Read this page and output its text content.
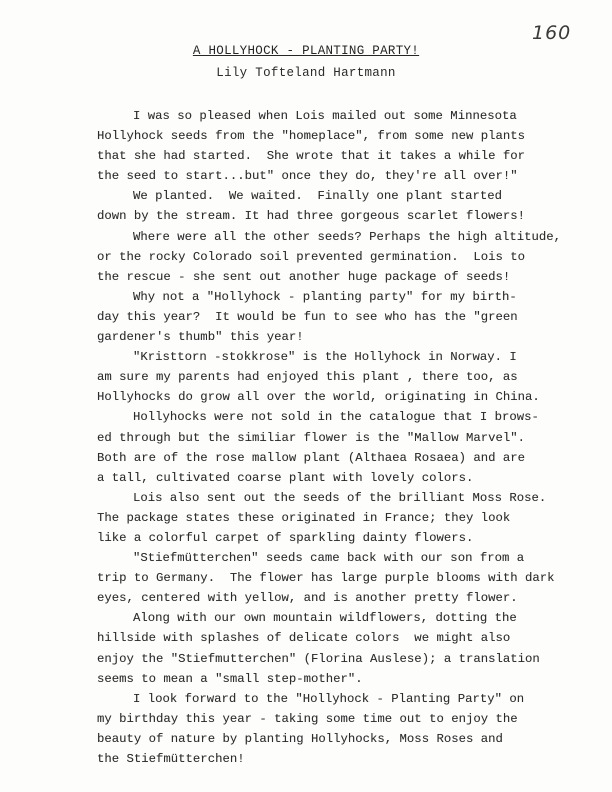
160
A HOLLYHOCK - PLANTING PARTY!
Lily Tofteland Hartmann
I was so pleased when Lois mailed out some Minnesota
Hollyhock seeds from the "homeplace", from some new plants
that she had started.  She wrote that it takes a while for
the seed to start...but" once they do, they're all over!"
We planted.  We waited.  Finally one plant started
down by the stream. It had three gorgeous scarlet flowers!
Where were all the other seeds? Perhaps the high altitude,
or the rocky Colorado soil prevented germination.  Lois to
the rescue - she sent out another huge package of seeds!
Why not a "Hollyhock - planting party" for my birth-
day this year?  It would be fun to see who has the "green
gardener's thumb" this year!
"Kristtorn -stokkrose" is the Hollyhock in Norway. I
am sure my parents had enjoyed this plant , there too, as
Hollyhocks do grow all over the world, originating in China.
Hollyhocks were not sold in the catalogue that I brows-
ed through but the similiar flower is the "Mallow Marvel".
Both are of the rose mallow plant (Althaea Rosaea) and are
a tall, cultivated coarse plant with lovely colors.
Lois also sent out the seeds of the brilliant Moss Rose.
The package states these originated in France; they look
like a colorful carpet of sparkling dainty flowers.
"Stiefmütterchen" seeds came back with our son from a
trip to Germany.  The flower has large purple blooms with dark
eyes, centered with yellow, and is another pretty flower.
Along with our own mountain wildflowers, dotting the
hillside with splashes of delicate colors  we might also
enjoy the "Stiefmutterchen" (Florina Auslese); a translation
seems to mean a "small step-mother".
I look forward to the "Hollyhock - Planting Party" on
my birthday this year - taking some time out to enjoy the
beauty of nature by planting Hollyhocks, Moss Roses and
the Stiefmütterchen!
